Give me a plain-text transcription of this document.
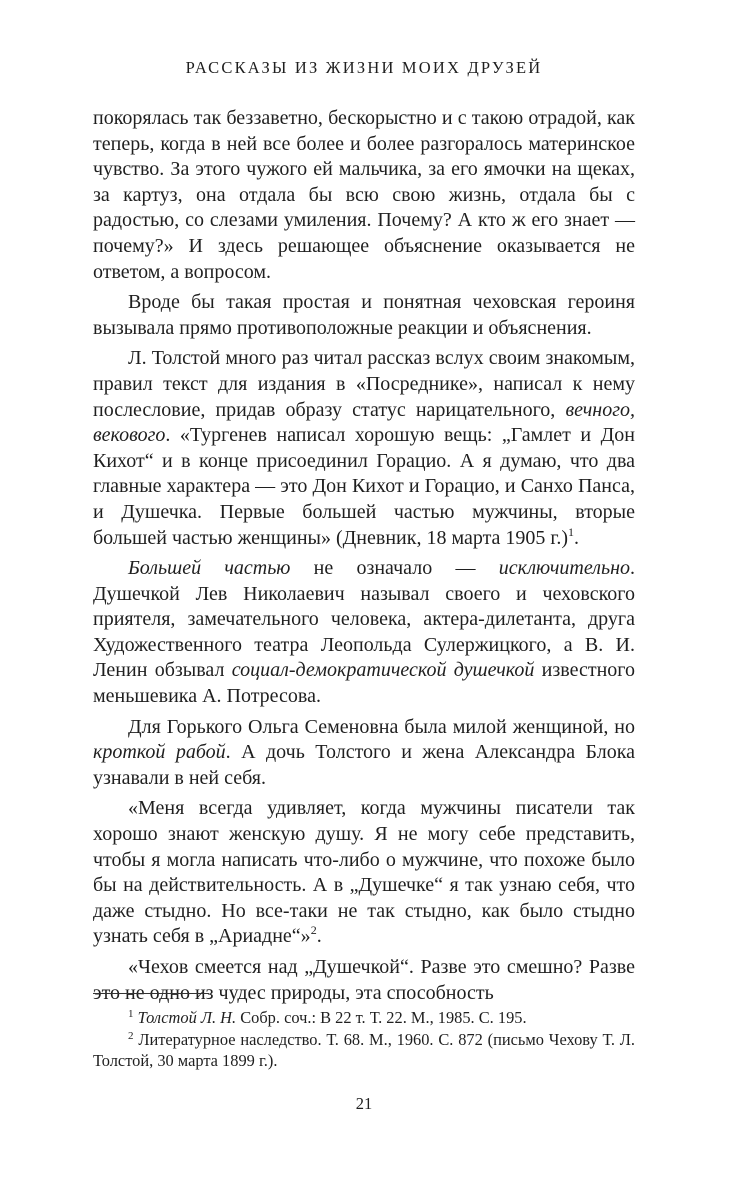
РАССКАЗЫ ИЗ ЖИЗНИ МОИХ ДРУЗЕЙ

покорялась так беззаветно, бескорыстно и с такою отрадой, как теперь, когда в ней все более и более разгоралось материнское чувство. За этого чужого ей мальчика, за его ямочки на щеках, за картуз, она отдала бы всю свою жизнь, отдала бы с радостью, со слезами умиления. Почему? А кто ж его знает — почему?» И здесь решающее объяснение оказывается не ответом, а вопросом.

Вроде бы такая простая и понятная чеховская героиня вызывала прямо противоположные реакции и объяснения.

Л. Толстой много раз читал рассказ вслух своим знакомым, правил текст для издания в «Посреднике», написал к нему послесловие, придав образу статус нарицательного, вечного, векового. «Тургенев написал хорошую вещь: „Гамлет и Дон Кихот“ и в конце присоединил Горацио. А я думаю, что два главные характера — это Дон Кихот и Горацио, и Санхо Панса, и Душечка. Первые большей частью мужчины, вторые большей частью женщины» (Дневник, 18 марта 1905 г.)$^1$.

Большей частью не означало — исключительно. Душечкой Лев Николаевич называл своего и чеховского приятеля, замечательного человека, актера-дилетанта, друга Художественного театра Леопольда Сулержицкого, а В. И. Ленин обзывал социал-демократической душечкой известного меньшевика А. Потресова.

Для Горького Ольга Семеновна была милой женщиной, но кроткой рабой. А дочь Толстого и жена Александра Блока узнавали в ней себя.

«Меня всегда удивляет, когда мужчины писатели так хорошо знают женскую душу. Я не могу себе представить, чтобы я могла написать что-либо о мужчине, что похоже было бы на действительность. А в „Душечке“ я так узнаю себя, что даже стыдно. Но все-таки не так стыдно, как было стыдно узнать себя в „Ариадне“»$^2$.

«Чехов смеется над „Душечкой“. Разве это смешно? Разве это не одно из чудес природы, эта способность

$^1$ Толстой Л. Н. Собр. соч.: В 22 т. Т. 22. М., 1985. С. 195.

$^2$ Литературное наследство. Т. 68. М., 1960. С. 872 (письмо Чехову Т. Л. Толстой, 30 марта 1899 г.).

21
